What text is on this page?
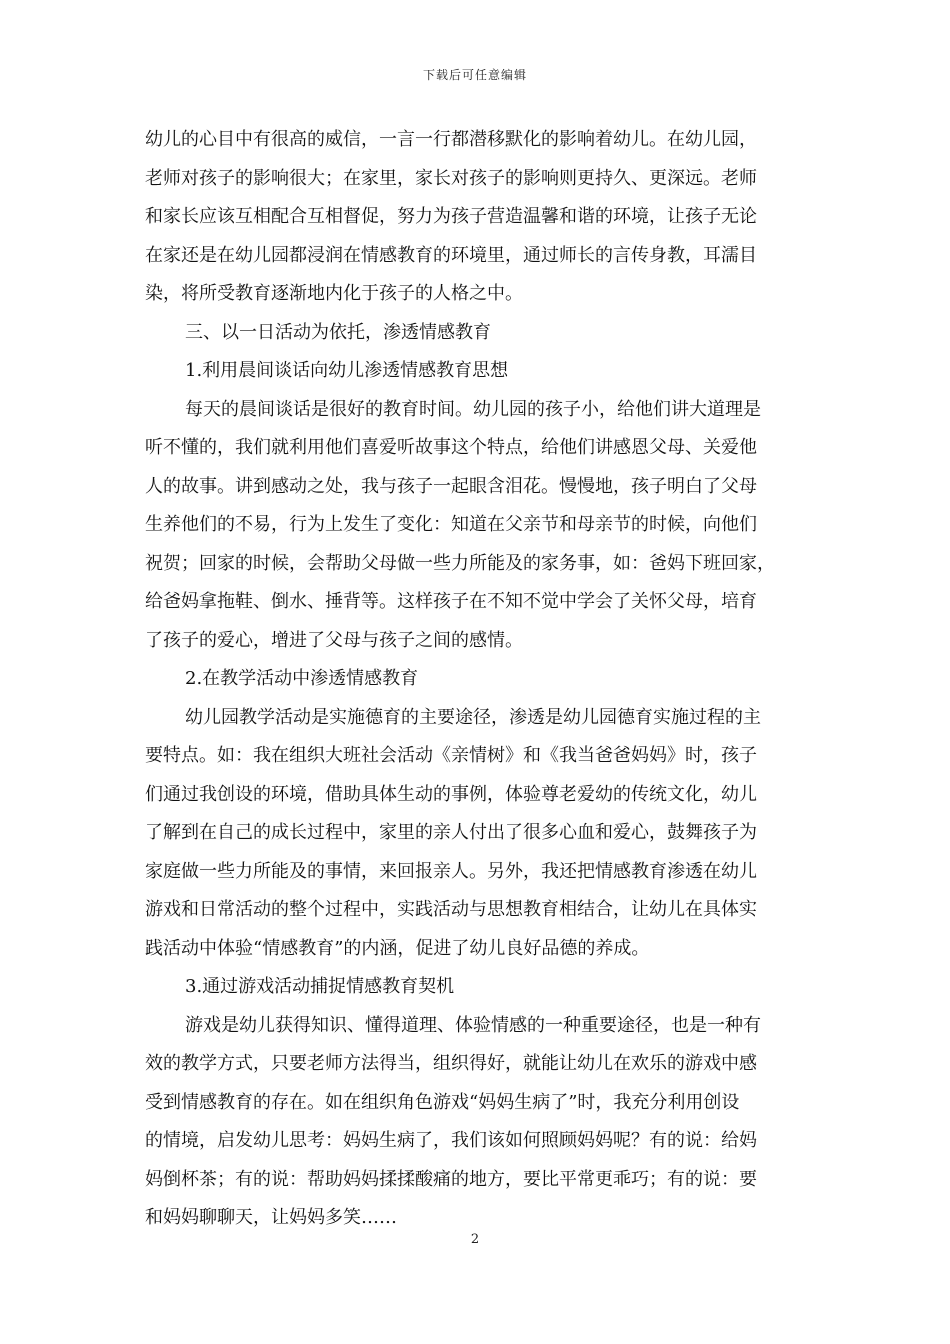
下载后可任意编辑
幼儿的心目中有很高的威信，一言一行都潜移默化的影响着幼儿。在幼儿园，
老师对孩子的影响很大；在家里，家长对孩子的影响则更持久、更深远。老师
和家长应该互相配合互相督促，努力为孩子营造温馨和谐的环境，让孩子无论
在家还是在幼儿园都浸润在情感教育的环境里，通过师长的言传身教，耳濡目
染，将所受教育逐渐地内化于孩子的人格之中。
三、以一日活动为依托，渗透情感教育
1.利用晨间谈话向幼儿渗透情感教育思想
每天的晨间谈话是很好的教育时间。幼儿园的孩子小，给他们讲大道理是
听不懂的，我们就利用他们喜爱听故事这个特点，给他们讲感恩父母、关爱他
人的故事。讲到感动之处，我与孩子一起眼含泪花。慢慢地，孩子明白了父母
生养他们的不易，行为上发生了变化：知道在父亲节和母亲节的时候，向他们
祝贺；回家的时候，会帮助父母做一些力所能及的家务事，如：爸妈下班回家，
给爸妈拿拖鞋、倒水、捶背等。这样孩子在不知不觉中学会了关怀父母，培育
了孩子的爱心，增进了父母与孩子之间的感情。
2.在教学活动中渗透情感教育
幼儿园教学活动是实施德育的主要途径，渗透是幼儿园德育实施过程的主
要特点。如：我在组织大班社会活动《亲情树》和《我当爸爸妈妈》时，孩子
们通过我创设的环境，借助具体生动的事例，体验尊老爱幼的传统文化，幼儿
了解到在自己的成长过程中，家里的亲人付出了很多心血和爱心，鼓舞孩子为
家庭做一些力所能及的事情，来回报亲人。另外，我还把情感教育渗透在幼儿
游戏和日常活动的整个过程中，实践活动与思想教育相结合，让幼儿在具体实
践活动中体验“情感教育”的内涵，促进了幼儿良好品德的养成。
3.通过游戏活动捕捉情感教育契机
游戏是幼儿获得知识、懂得道理、体验情感的一种重要途径，也是一种有
效的教学方式，只要老师方法得当，组织得好，就能让幼儿在欢乐的游戏中感
受到情感教育的存在。如在组织角色游戏“妈妈生病了”时，我充分利用创设
的情境，启发幼儿思考：妈妈生病了，我们该如何照顾妈妈呢？有的说：给妈
妈倒杯茶；有的说：帮助妈妈揉揉酸痛的地方，要比平常更乖巧；有的说：要
和妈妈聊聊天，让妈妈多笑……
2
